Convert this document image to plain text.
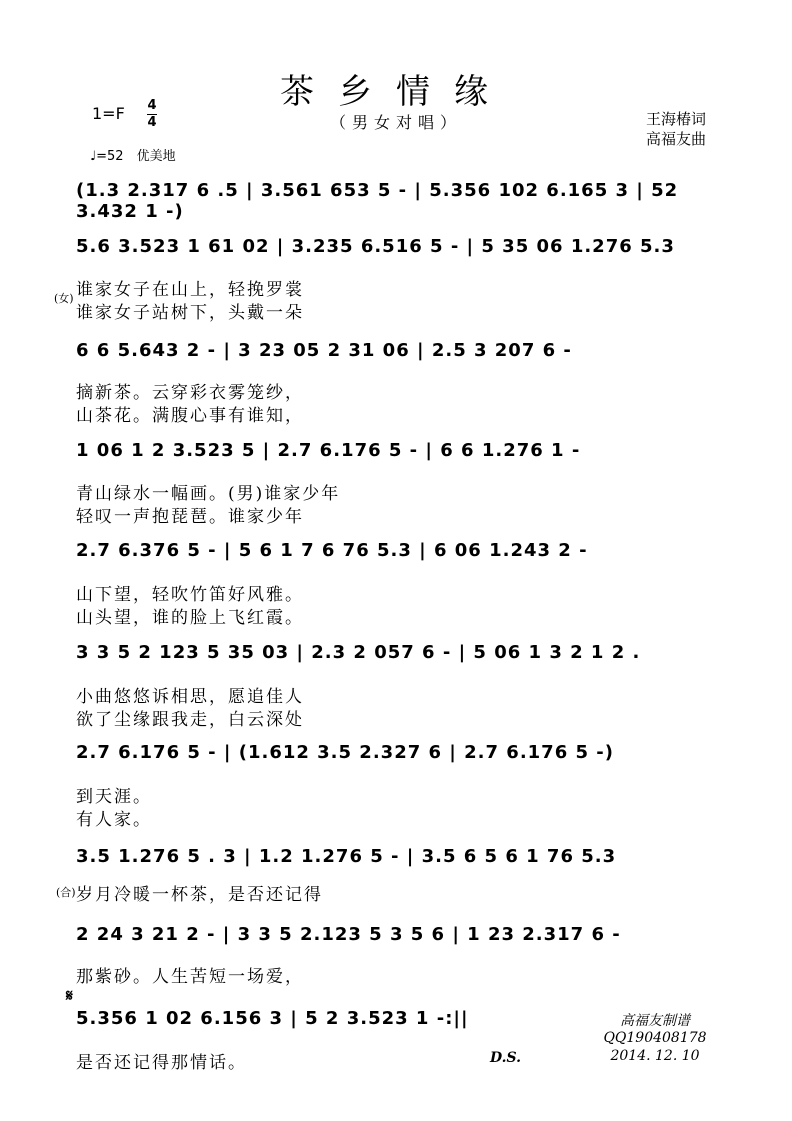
茶乡情缘
（男女对唱）
1=F 4
4
♩=52　优美地
王海椿词
高福友曲
(1.3 2.317 6 .5 | 3.561 653 5 - | 5.356 102 6.165 3 | 52 3.432 1 -)
5.6 3.523 1 61 02 | 3.235 6.516 5 - | 5 35 06 1.276 5.3
谁家女子在山上，轻挽罗裳
谁家女子站树下，头戴一朵
(女)
6 6 5.643 2 - | 3 23 05 2 31 06 | 2.5 3 207 6 -
摘新茶。云穿彩衣雾笼纱，
山茶花。满腹心事有谁知，
1 06 1 2 3.523 5 | 2.7 6.176 5 - | 6 6 1.276 1 -
青山绿水一幅画。(男)谁家少年
轻叹一声抱琵琶。谁家少年
2.7 6.376 5 - | 5 6 1 7 6 76 5.3 | 6 06 1.243 2 -
山下望，轻吹竹笛好风雅。
山头望，谁的脸上飞红霞。
3 3 5 2 123 5 35 03 | 2.3 2 057 6 - | 5 06 1 3 2 1 2 .
小曲悠悠诉相思，愿追佳人
欲了尘缘跟我走，白云深处
2.7 6.176 5 - | (1.612 3.5 2.327 6 | 2.7 6.176 5 -)
到天涯。
有人家。
3.5 1.276 5 . 3 | 1.2 1.276 5 - | 3.5 6 5 6 1 76 5.3
(合) 岁月冷暖一杯茶，是否还记得
2 24 3 21 2 - | 3 3 5 2.123 5 3 5 6 | 1 23 2.317 6 -
那紫砂。人生苦短一场爱，
𝄋
5.356 1 02 6.156 3 | 5 2 3.523 1 -:||
是否还记得那情话。	D.S.
高福友制谱
QQ190408178
2014. 12. 10
